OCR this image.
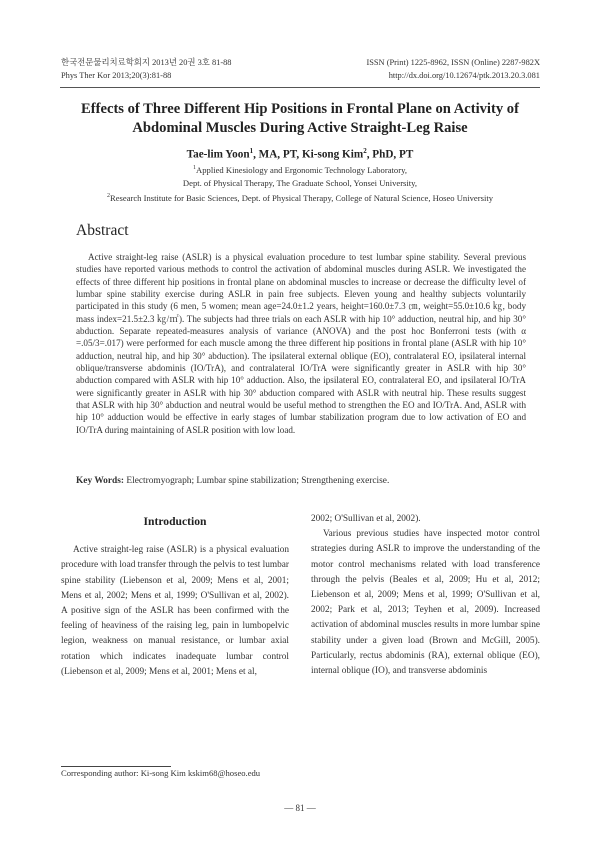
한국전문물리치료학회지 2013년 20권 3호 81-88
Phys Ther Kor 2013;20(3):81-88
ISSN (Print) 1225-8962, ISSN (Online) 2287-982X
http://dx.doi.org/10.12674/ptk.2013.20.3.081
Effects of Three Different Hip Positions in Frontal Plane on Activity of
Abdominal Muscles During Active Straight-Leg Raise
Tae-lim Yoon$^1$, MA, PT, Ki-song Kim$^2$, PhD, PT
$^1$Applied Kinesiology and Ergonomic Technology Laboratory,
Dept. of Physical Therapy, The Graduate School, Yonsei University,
$^2$Research Institute for Basic Sciences, Dept. of Physical Therapy, College of Natural Science, Hoseo University
Abstract
Active straight-leg raise (ASLR) is a physical evaluation procedure to test lumbar spine stability. Several previous studies have reported various methods to control the activation of abdominal muscles during ASLR. We investigated the effects of three different hip positions in frontal plane on abdominal muscles to increase or decrease the difficulty level of lumbar spine stability exercise during ASLR in pain free subjects. Eleven young and healthy subjects voluntarily participated in this study (6 men, 5 women; mean age=24.0±1.2 years, height=160.0±7.3 ㎝, weight=55.0±10.6 ㎏, body mass index=21.5±2.3 ㎏/㎡). The subjects had three trials on each ASLR with hip 10° adduction, neutral hip, and hip 30° abduction. Separate repeated-measures analysis of variance (ANOVA) and the post hoc Bonferroni tests (with α =.05/3=.017) were performed for each muscle among the three different hip positions in frontal plane (ASLR with hip 10° adduction, neutral hip, and hip 30° abduction). The ipsilateral external oblique (EO), contralateral EO, ipsilateral internal oblique/transverse abdominis (IO/TrA), and contralateral IO/TrA were significantly greater in ASLR with hip 30° abduction compared with ASLR with hip 10° adduction. Also, the ipsilateral EO, contralateral EO, and ipsilateral IO/TrA were significantly greater in ASLR with hip 30° abduction compared with ASLR with neutral hip. These results suggest that ASLR with hip 30° abduction and neutral would be useful method to strengthen the EO and IO/TrA. And, ASLR with hip 10° adduction would be effective in early stages of lumbar stabilization program due to low activation of EO and IO/TrA during maintaining of ASLR position with low load.
Key Words: Electromyograph; Lumbar spine stabilization; Strengthening exercise.
Introduction

Active straight-leg raise (ASLR) is a physical evaluation procedure with load transfer through the pelvis to test lumbar spine stability (Liebenson et al, 2009; Mens et al, 2001; Mens et al, 2002; Mens et al, 1999; O'Sullivan et al, 2002). A positive sign of the ASLR has been confirmed with the feeling of heaviness of the raising leg, pain in lumbopelvic legion, weakness on manual resistance, or lumbar axial rotation which indicates inadequate lumbar control (Liebenson et al, 2009; Mens et al, 2001; Mens et al,

2002; O'Sullivan et al, 2002).

Various previous studies have inspected motor control strategies during ASLR to improve the understanding of the motor control mechanisms related with load transference through the pelvis (Beales et al, 2009; Hu et al, 2012; Liebenson et al, 2009; Mens et al, 1999; O'Sullivan et al, 2002; Park et al, 2013; Teyhen et al, 2009). Increased activation of abdominal muscles results in more lumbar spine stability under a given load (Brown and McGill, 2005). Particularly, rectus abdominis (RA), external oblique (EO), internal oblique (IO), and transverse abdominis

Corresponding author: Ki-song Kim kskim68@hoseo.edu
— 81 —
